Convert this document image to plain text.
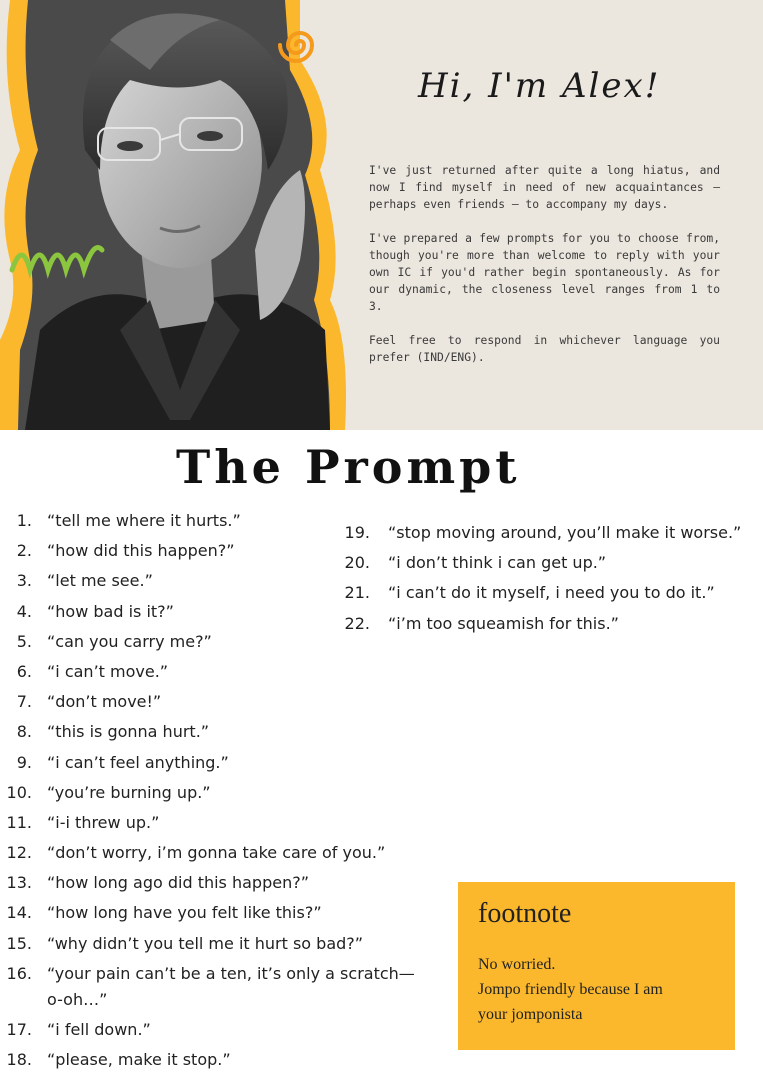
Hi, I'm Alex!

I've just returned after quite a long hiatus, and now I find myself in need of new acquaintances — perhaps even friends — to accompany my days.

I've prepared a few prompts for you to choose from, though you're more than welcome to reply with your own IC if you'd rather begin spontaneously. As for our dynamic, the closeness level ranges from 1 to 3.

Feel free to respond in whichever language you prefer (IND/ENG).

The Prompt
1. “tell me where it hurts.”
2. “how did this happen?”
3. “let me see.”
4. “how bad is it?”
5. “can you carry me?”
6. “i can’t move.”
7. “don’t move!”
8. “this is gonna hurt.”
9. “i can’t feel anything.”
10. “you’re burning up.”
11. “i-i threw up.”
12. “don’t worry, i’m gonna take care of you.”
13. “how long ago did this happen?”
14. “how long have you felt like this?”
15. “why didn’t you tell me it hurt so bad?”
16. “your pain can’t be a ten, it’s only a scratch—o-oh…”
17. “i fell down.”
18. “please, make it stop.”
19. “stop moving around, you’ll make it worse.”
20. “i don’t think i can get up.”
21. “i can’t do it myself, i need you to do it.”
22. “i’m too squeamish for this.”
footnote
No worried.
Jompo friendly because I am
your jomponista
